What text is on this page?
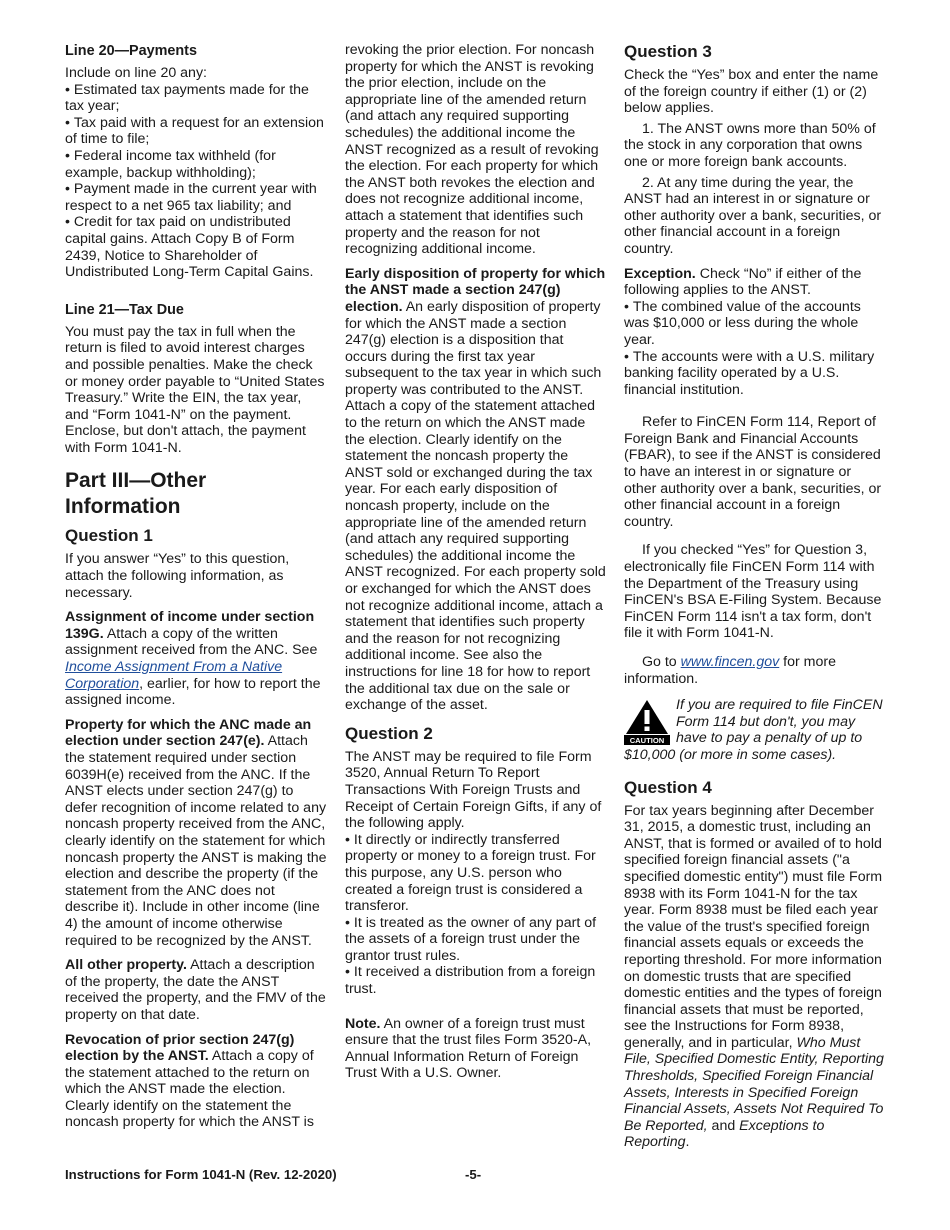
Line 20—Payments

Include on line 20 any:

• Estimated tax payments made for the tax year;
• Tax paid with a request for an extension of time to file;
• Federal income tax withheld (for example, backup withholding);
• Payment made in the current year with respect to a net 965 tax liability; and
• Credit for tax paid on undistributed capital gains. Attach Copy B of Form 2439, Notice to Shareholder of Undistributed Long-Term Capital Gains.
Line 21—Tax Due

You must pay the tax in full when the return is filed to avoid interest charges and possible penalties. Make the check or money order payable to “United States Treasury.” Write the EIN, the tax year, and “Form 1041-N” on the payment. Enclose, but don't attach, the payment with Form 1041-N.

Part III—Other Information
Question 1

If you answer “Yes” to this question, attach the following information, as necessary.

Assignment of income under section 139G. Attach a copy of the written assignment received from the ANC. See Income Assignment From a Native Corporation, earlier, for how to report the assigned income.

Property for which the ANC made an election under section 247(e). Attach the statement required under section 6039H(e) received from the ANC. If the ANST elects under section 247(g) to defer recognition of income related to any noncash property received from the ANC, clearly identify on the statement for which noncash property the ANST is making the election and describe the property (if the statement from the ANC does not describe it). Include in other income (line 4) the amount of income otherwise required to be recognized by the ANST.

All other property. Attach a description of the property, the date the ANST received the property, and the FMV of the property on that date.

Revocation of prior section 247(g) election by the ANST. Attach a copy of the statement attached to the return on which the ANST made the election. Clearly identify on the statement the noncash property for which the ANST is

revoking the prior election. For noncash property for which the ANST is revoking the prior election, include on the appropriate line of the amended return (and attach any required supporting schedules) the additional income the ANST recognized as a result of revoking the election. For each property for which the ANST both revokes the election and does not recognize additional income, attach a statement that identifies such property and the reason for not recognizing additional income.

Early disposition of property for which the ANST made a section 247(g) election. An early disposition of property for which the ANST made a section 247(g) election is a disposition that occurs during the first tax year subsequent to the tax year in which such property was contributed to the ANST. Attach a copy of the statement attached to the return on which the ANST made the election. Clearly identify on the statement the noncash property the ANST sold or exchanged during the tax year. For each early disposition of noncash property, include on the appropriate line of the amended return (and attach any required supporting schedules) the additional income the ANST recognized. For each property sold or exchanged for which the ANST does not recognize additional income, attach a statement that identifies such property and the reason for not recognizing additional income. See also the instructions for line 18 for how to report the additional tax due on the sale or exchange of the asset.

Question 2

The ANST may be required to file Form 3520, Annual Return To Report Transactions With Foreign Trusts and Receipt of Certain Foreign Gifts, if any of the following apply.

• It directly or indirectly transferred property or money to a foreign trust. For this purpose, any U.S. person who created a foreign trust is considered a transferor.
• It is treated as the owner of any part of the assets of a foreign trust under the grantor trust rules.
• It received a distribution from a foreign trust.

Note. An owner of a foreign trust must ensure that the trust files Form 3520-A, Annual Information Return of Foreign Trust With a U.S. Owner.

Question 3

Check the “Yes” box and enter the name of the foreign country if either (1) or (2) below applies.

1. The ANST owns more than 50% of the stock in any corporation that owns one or more foreign bank accounts.

2. At any time during the year, the ANST had an interest in or signature or other authority over a bank, securities, or other financial account in a foreign country.

Exception. Check “No” if either of the following applies to the ANST.

• The combined value of the accounts was $10,000 or less during the whole year.
• The accounts were with a U.S. military banking facility operated by a U.S. financial institution.

Refer to FinCEN Form 114, Report of Foreign Bank and Financial Accounts (FBAR), to see if the ANST is considered to have an interest in or signature or other authority over a bank, securities, or other financial account in a foreign country.

If you checked “Yes” for Question 3, electronically file FinCEN Form 114 with the Department of the Treasury using FinCEN's BSA E-Filing System. Because FinCEN Form 114 isn't a tax form, don't file it with Form 1041-N.

Go to www.fincen.gov for more information.

CAUTION
If you are required to file FinCEN Form 114 but don't, you may have to pay a penalty of up to $10,000 (or more in some cases).
Question 4

For tax years beginning after December 31, 2015, a domestic trust, including an ANST, that is formed or availed of to hold specified foreign financial assets ("a specified domestic entity") must file Form 8938 with its Form 1041-N for the tax year. Form 8938 must be filed each year the value of the trust's specified foreign financial assets equals or exceeds the reporting threshold. For more information on domestic trusts that are specified domestic entities and the types of foreign financial assets that must be reported, see the Instructions for Form 8938, generally, and in particular, Who Must File, Specified Domestic Entity, Reporting Thresholds, Specified Foreign Financial Assets, Interests in Specified Foreign Financial Assets, Assets Not Required To Be Reported, and Exceptions to Reporting.

Instructions for Form 1041-N (Rev. 12-2020)	-5-
